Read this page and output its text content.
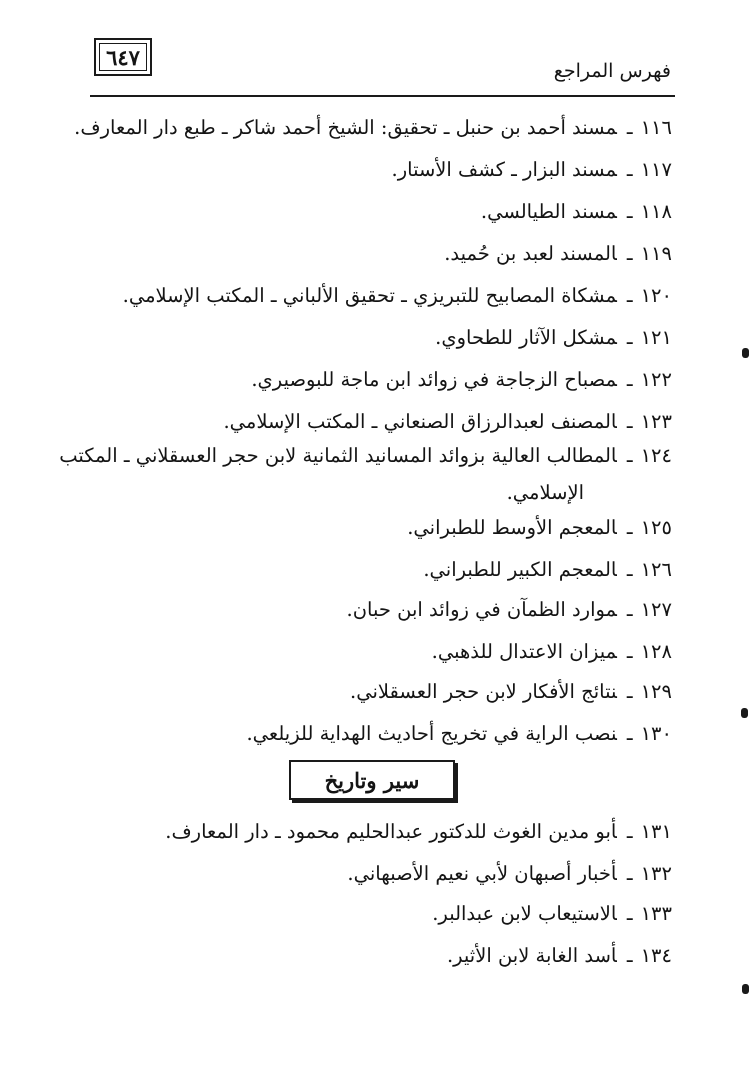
٦٤٧
فهرس المراجع
١١٦ـمسند أحمد بن حنبل ـ تحقيق: الشيخ أحمد شاكر ـ طبع دار المعارف.
١١٧ـمسند البزار ـ كشف الأستار.
١١٨ـمسند الطيالسي.
١١٩ـالمسند لعبد بن حُميد.
١٢٠ـمشكاة المصابيح للتبريزي ـ تحقيق الألباني ـ المكتب الإسلامي.
١٢١ـمشكل الآثار للطحاوي.
١٢٢ـمصباح الزجاجة في زوائد ابن ماجة للبوصيري.
١٢٣ـالمصنف لعبدالرزاق الصنعاني ـ المكتب الإسلامي.
١٢٤ـالمطالب العالية بزوائد المسانيد الثمانية لابن حجر العسقلاني ـ المكتب
الإسلامي.
١٢٥ـالمعجم الأوسط للطبراني.
١٢٦ـالمعجم الكبير للطبراني.
١٢٧ـموارد الظمآن في زوائد ابن حبان.
١٢٨ـميزان الاعتدال للذهبي.
١٢٩ـنتائج الأفكار لابن حجر العسقلاني.
١٣٠ـنصب الراية في تخريج أحاديث الهداية للزيلعي.
سير وتاريخ
١٣١ـأبو مدين الغوث للدكتور عبدالحليم محمود ـ دار المعارف.
١٣٢ـأخبار أصبهان لأبي نعيم الأصبهاني.
١٣٣ـالاستيعاب لابن عبدالبر.
١٣٤ـأسد الغابة لابن الأثير.
